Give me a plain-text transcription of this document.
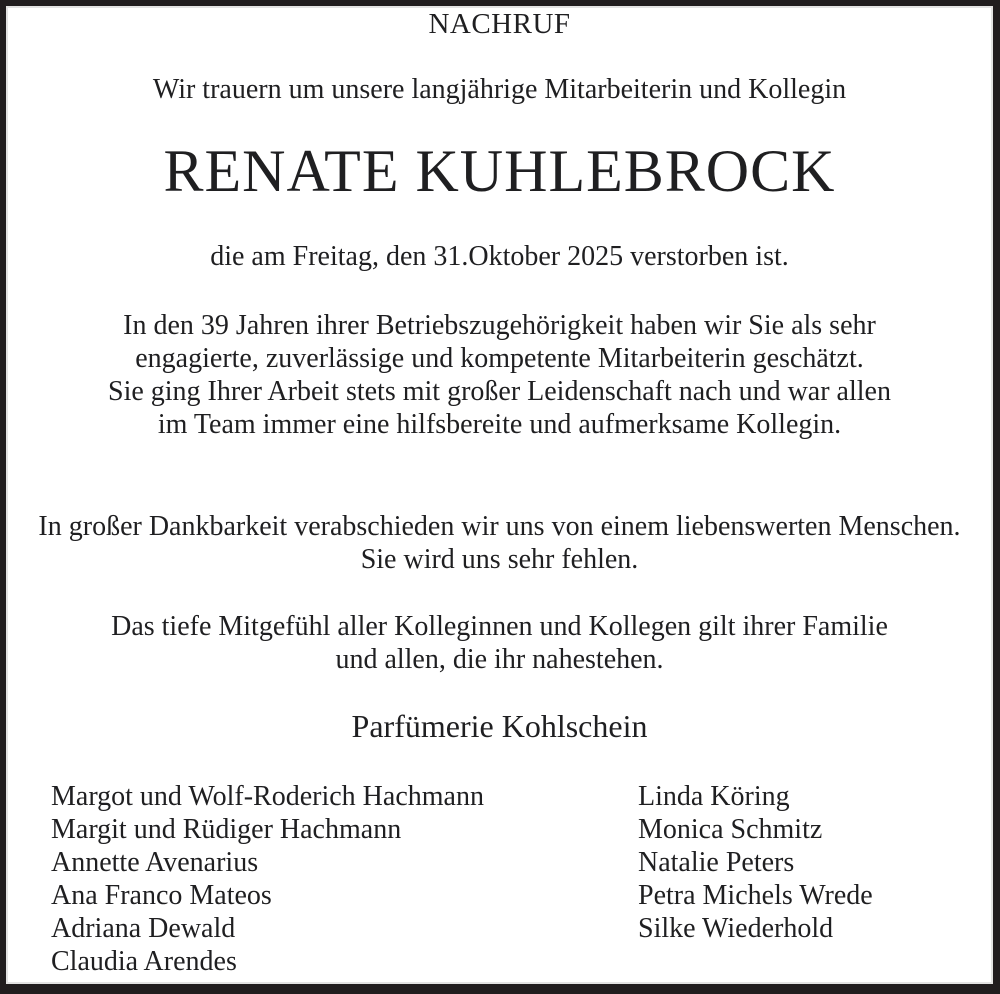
NACHRUF
Wir trauern um unsere langjährige Mitarbeiterin und Kollegin
RENATE KUHLEBROCK
die am Freitag, den 31.Oktober 2025 verstorben ist.
In den 39 Jahren ihrer Betriebszugehörigkeit haben wir Sie als sehr
engagierte, zuverlässige und kompetente Mitarbeiterin geschätzt.
Sie ging Ihrer Arbeit stets mit großer Leidenschaft nach und war allen
im Team immer eine hilfsbereite und aufmerksame Kollegin.
In großer Dankbarkeit verabschieden wir uns von einem liebenswerten Menschen.
Sie wird uns sehr fehlen.
Das tiefe Mitgefühl aller Kolleginnen und Kollegen gilt ihrer Familie
und allen, die ihr nahestehen.
Parfümerie Kohlschein
Margot und Wolf-Roderich Hachmann
Margit und Rüdiger Hachmann
Annette Avenarius
Ana Franco Mateos
Adriana Dewald
Claudia Arendes
Linda Köring
Monica Schmitz
Natalie Peters
Petra Michels Wrede
Silke Wiederhold
